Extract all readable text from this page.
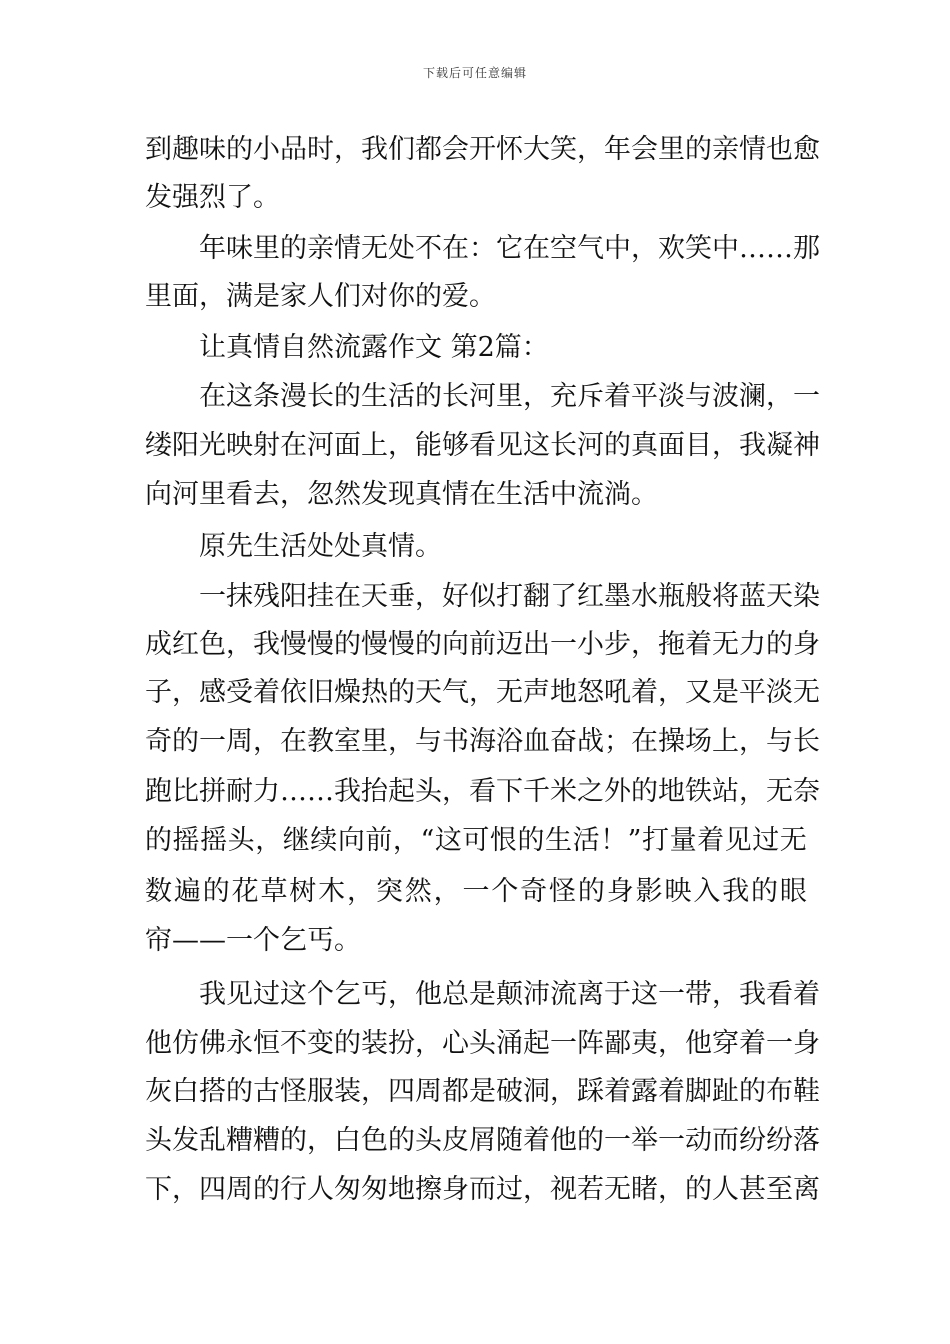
下载后可任意编辑
到 趣 味 的 小 品 时 ， 我 们 都 会 开 怀 大 笑 ， 年 会 里 的 亲 情 也 愈
发强烈了。
年 味 里 的 亲 情 无 处 不 在 ： 它 在 空 气 中 ， 欢 笑 中 … … 那
里面，满是家人们对你的爱。
让真情自然流露作文 第2篇：
在 这 条 漫 长 的 生 活 的 长 河 里 ， 充 斥 着 平 淡 与 波 澜 ， 一
缕 阳 光 映 射 在 河 面 上 ， 能 够 看 见 这 长 河 的 真 面 目 ， 我 凝 神
向河里看去，忽然发现真情在生活中流淌。
原先生活处处真情。
一 抹 残 阳 挂 在 天 垂 ， 好 似 打 翻 了 红 墨 水 瓶 般 将 蓝 天 染
成 红 色 ， 我 慢 慢 的 慢 慢 的 向 前 迈 出 一 小 步 ， 拖 着 无 力 的 身
子 ， 感 受 着 依 旧 燥 热 的 天 气 ， 无 声 地 怒 吼 着 ， 又 是 平 淡 无
奇 的 一 周 ， 在 教 室 里 ， 与 书 海 浴 血 奋 战 ； 在 操 场 上 ， 与 长
跑 比 拼 耐 力 … … 我 抬 起 头 ， 看 下 千 米 之 外 的 地 铁 站 ， 无 奈
的 摇 摇 头 ， 继 续 向 前 ， “ 这 可 恨 的 生 活 ！ ” 打 量 着 见 过 无
数 遍 的 花 草 树 木 ， 突 然 ， 一 个 奇 怪 的 身 影 映 入 我 的 眼
帘——一个乞丐。
我 见 过 这 个 乞 丐 ， 他 总 是 颠 沛 流 离 于 这 一 带 ， 我 看 着
他 仿 佛 永 恒 不 变 的 装 扮 ， 心 头 涌 起 一 阵 鄙 夷 ， 他 穿 着 一 身
灰 白 搭 的 古 怪 服 装 ， 四 周 都 是 破 洞 ， 踩 着 露 着 脚 趾 的 布 鞋
头 发 乱 糟 糟 的 ， 白 色 的 头 皮 屑 随 着 他 的 一 举 一 动 而 纷 纷 落
下 ， 四 周 的 行 人 匆 匆 地 擦 身 而 过 ， 视 若 无 睹 ， 的 人 甚 至 离
